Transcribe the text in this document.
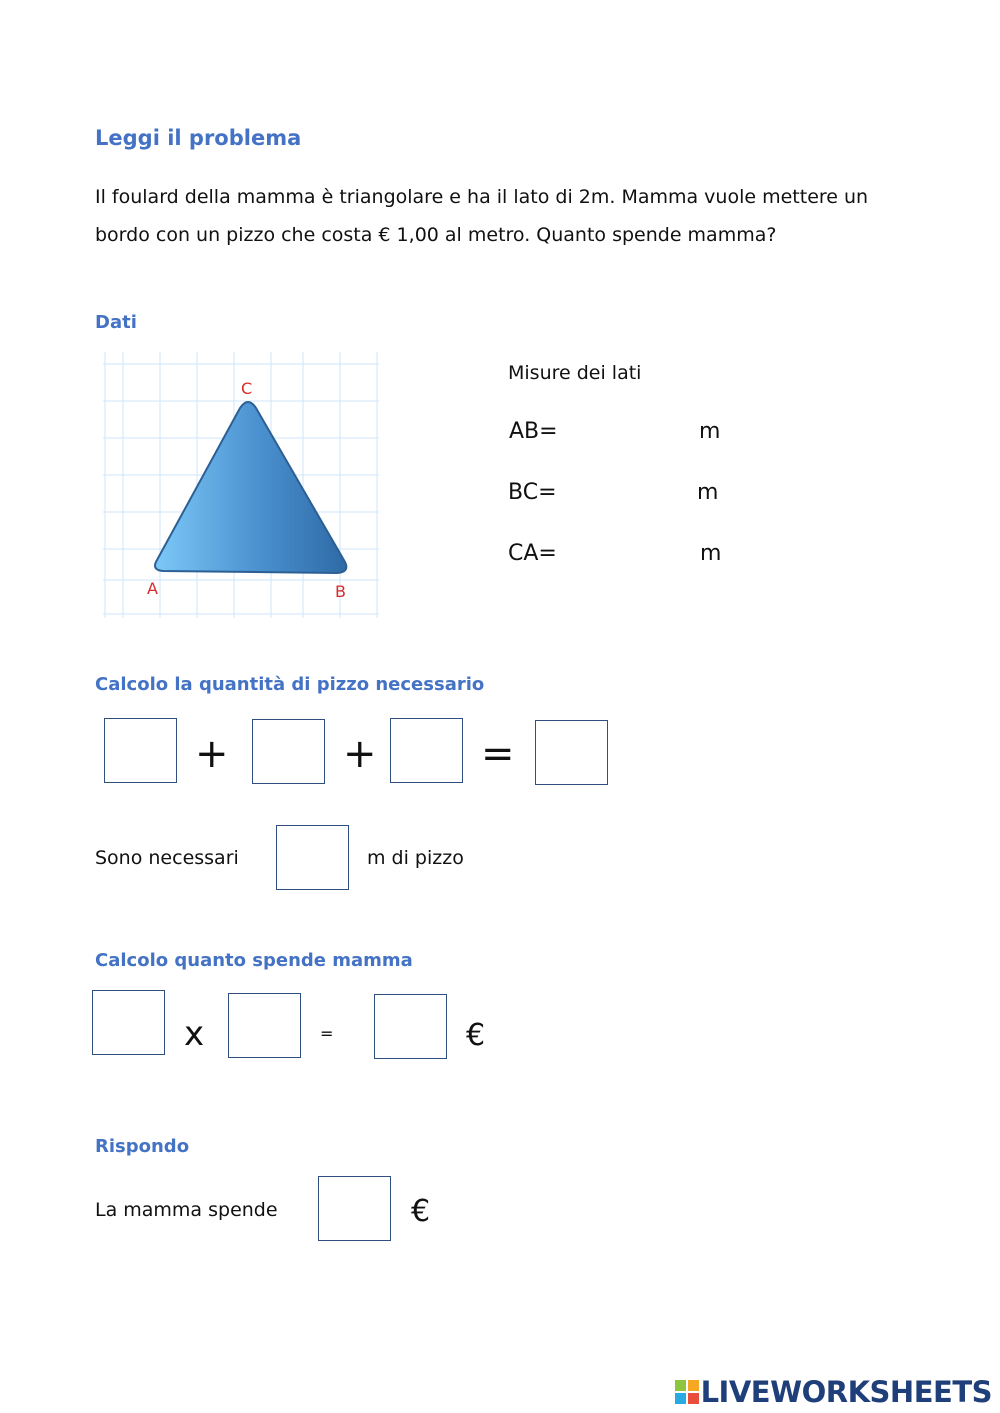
Leggi il problema
Il foulard della mamma è triangolare e ha il lato di 2m. Mamma vuole mettere un bordo con un pizzo che costa € 1,00 al metro. Quanto spende mamma?
Dati
C
A	B
Misure dei lati
AB=	m
BC=	m
CA=	m
Calcolo la quantità di pizzo necessario
+	+	=
Sono necessari	m di pizzo
Calcolo quanto spende mamma
x	=	€
Rispondo
La mamma spende	€
LIVEWORKSHEETS
